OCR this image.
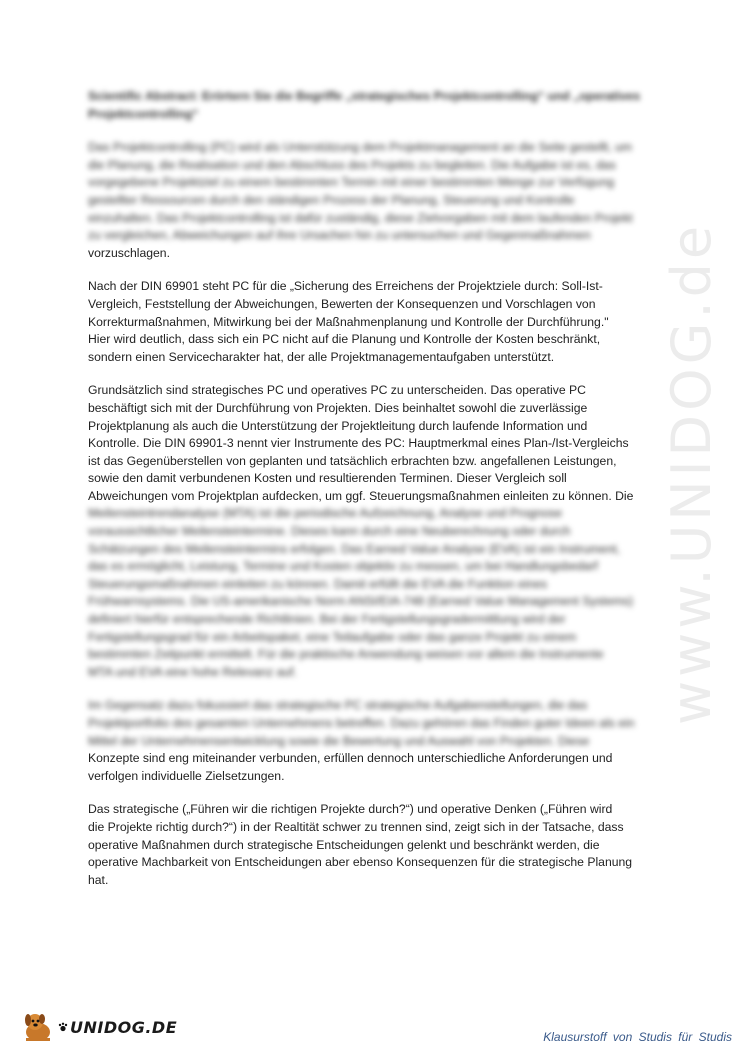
www.UNIDOG.de
Scientific Abstract: Erörtern Sie die Begriffe „strategisches Projektcontrolling“ und „operatives
Projektcontrolling“

Das Projektcontrolling (PC) wird als Unterstützung dem Projektmanagement an die Seite gestellt, um
die Planung, die Realisation und den Abschluss des Projekts zu begleiten. Die Aufgabe ist es, das
vorgegebene Projektziel zu einem bestimmten Termin mit einer bestimmten Menge zur Verfügung
gestellter Ressourcen durch den ständigen Prozess der Planung, Steuerung und Kontrolle
einzuhalten. Das Projektcontrolling ist dafür zuständig, diese Zielvorgaben mit dem laufenden Projekt
zu vergleichen, Abweichungen auf ihre Ursachen hin zu untersuchen und Gegenmaßnahmen
vorzuschlagen.

Nach der DIN 69901 steht PC für die „Sicherung des Erreichens der Projektziele durch: Soll-Ist-
Vergleich, Feststellung der Abweichungen, Bewerten der Konsequenzen und Vorschlagen von
Korrekturmaßnahmen, Mitwirkung bei der Maßnahmenplanung und Kontrolle der Durchführung."
Hier wird deutlich, dass sich ein PC nicht auf die Planung und Kontrolle der Kosten beschränkt,
sondern einen Servicecharakter hat, der alle Projektmanagementaufgaben unterstützt.

Grundsätzlich sind strategisches PC und operatives PC zu unterscheiden. Das operative PC
beschäftigt sich mit der Durchführung von Projekten. Dies beinhaltet sowohl die zuverlässige
Projektplanung als auch die Unterstützung der Projektleitung durch laufende Information und
Kontrolle. Die DIN 69901-3 nennt vier Instrumente des PC: Hauptmerkmal eines Plan-/Ist-Vergleichs
ist das Gegenüberstellen von geplanten und tatsächlich erbrachten bzw. angefallenen Leistungen,
sowie den damit verbundenen Kosten und resultierenden Terminen. Dieser Vergleich soll
Abweichungen vom Projektplan aufdecken, um ggf. Steuerungsmaßnahmen einleiten zu können. Die
Meilensteintrendanalyse (MTA) ist die periodische Aufzeichnung, Analyse und Prognose
voraussichtlicher Meilensteintermine. Dieses kann durch eine Neuberechnung oder durch
Schätzungen des Meilensteintermins erfolgen. Das Earned Value Analyse (EVA) ist ein Instrument,
das es ermöglicht, Leistung, Termine und Kosten objektiv zu messen, um bei Handlungsbedarf
Steuerungsmaßnahmen einleiten zu können. Damit erfüllt die EVA die Funktion eines
Frühwarnsystems. Die US-amerikanische Norm ANSI/EIA-748 (Earned Value Management Systems)
definiert hierfür entsprechende Richtlinien. Bei der Fertigstellungsgradermittlung wird der
Fertigstellungsgrad für ein Arbeitspaket, eine Teilaufgabe oder das ganze Projekt zu einem
bestimmten Zeitpunkt ermittelt. Für die praktische Anwendung weisen vor allem die Instrumente
MTA und EVA eine hohe Relevanz auf.

Im Gegensatz dazu fokussiert das strategische PC strategische Aufgabenstellungen, die das
Projektportfolio des gesamten Unternehmens betreffen. Dazu gehören das Finden guter Ideen als ein
Mittel der Unternehmensentwicklung sowie die Bewertung und Auswahl von Projekten. Diese
Konzepte sind eng miteinander verbunden, erfüllen dennoch unterschiedliche Anforderungen und
verfolgen individuelle Zielsetzungen.

Das strategische („Führen wir die richtigen Projekte durch?“) und operative Denken („Führen wird
die Projekte richtig durch?“) in der Realtität schwer zu trennen sind, zeigt sich in der Tatsache, dass
operative Maßnahmen durch strategische Entscheidungen gelenkt und beschränkt werden, die
operative Machbarkeit von Entscheidungen aber ebenso Konsequenzen für die strategische Planung
hat.

UNIDOG.DE
Klausurstoff von Studis für Studis
